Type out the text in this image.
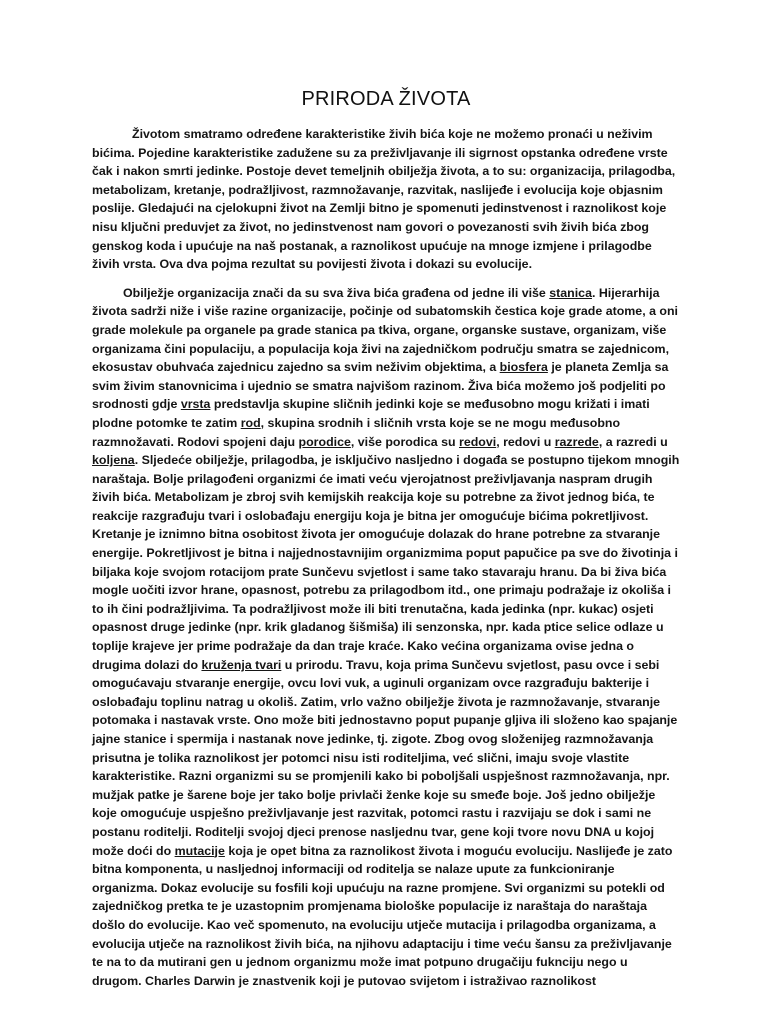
PRIRODA ŽIVOTA

Životom smatramo određene karakteristike živih bića koje ne možemo pronaći u neživim bićima. Pojedine karakteristike zadužene su za preživljavanje ili sigrnost opstanka određene vrste čak i nakon smrti jedinke. Postoje devet temeljnih obilježja života, a to su: organizacija, prilagodba, metabolizam, kretanje, podražljivost, razmnožavanje, razvitak, naslijeđe i evolucija koje objasnim poslije. Gledajući na cjelokupni život na Zemlji bitno je spomenuti jedinstvenost i raznolikost koje nisu ključni preduvjet za život, no jedinstvenost nam govori o povezanosti svih živih bića zbog genskog koda i upućuje na naš postanak, a raznolikost upućuje na mnoge izmjene i prilagodbe živih vrsta. Ova dva pojma rezultat su povijesti života i dokazi su evolucije.

Obilježje organizacija znači da su sva živa bića građena od jedne ili više stanica. Hijerarhija života sadrži niže i više razine organizacije, počinje od subatomskih čestica koje grade atome, a oni grade molekule pa organele pa grade stanica pa tkiva, organe, organske sustave, organizam, više organizama čini populaciju, a populacija koja živi na zajedničkom području smatra se zajednicom, ekosustav obuhvaća zajednicu zajedno sa svim neživim objektima, a biosfera je planeta Zemlja sa svim živim stanovnicima i ujednio se smatra najvišom razinom. Živa bića možemo još podjeliti po srodnosti gdje vrsta predstavlja skupine sličnih jedinki koje se međusobno mogu križati i imati plodne potomke te zatim rod, skupina srodnih i sličnih vrsta koje se ne mogu međusobno razmnožavati. Rodovi spojeni daju porodice, više porodica su redovi, redovi u razrede, a razredi u koljena. Sljedeće obilježje, prilagodba, je isključivo nasljedno i događa se postupno tijekom mnogih naraštaja. Bolje prilagođeni organizmi će imati veću vjerojatnost preživljavanja naspram drugih živih bića. Metabolizam je zbroj svih kemijskih reakcija koje su potrebne za život jednog bića, te reakcije razgrađuju tvari i oslobađaju energiju koja je bitna jer omogućuje bićima pokretljivost. Kretanje je iznimno bitna osobitost života jer omogućuje dolazak do hrane potrebne za stvaranje energije. Pokretljivost je bitna i najjednostavnijim organizmima poput papučice pa sve do životinja i biljaka koje svojom rotacijom prate Sunčevu svjetlost i same tako stavaraju hranu. Da bi živa bića mogle uočiti izvor hrane, opasnost, potrebu za prilagodbom itd., one primaju podražaje iz okoliša i to ih čini podražljivima. Ta podražljivost može ili biti trenutačna, kada jedinka (npr. kukac) osjeti opasnost druge jedinke (npr. krik gladanog šišmiša) ili senzonska, npr. kada ptice selice odlaze u toplije krajeve jer prime podražaje da dan traje kraće. Kako većina organizama ovise jedna o drugima dolazi do kruženja tvari u prirodu. Travu, koja prima Sunčevu svjetlost, pasu ovce i sebi omogućavaju stvaranje energije, ovcu lovi vuk, a uginuli organizam ovce razgrađuju bakterije i oslobađaju toplinu natrag u okoliš. Zatim, vrlo važno obilježje života je razmnožavanje, stvaranje potomaka i nastavak vrste. Ono može biti jednostavno poput pupanje gljiva ili složeno kao spajanje jajne stanice i spermija i nastanak nove jedinke, tj. zigote. Zbog ovog složenijeg razmnožavanja prisutna je tolika raznolikost jer potomci nisu isti roditeljima, već slični, imaju svoje vlastite karakteristike. Razni organizmi su se promjenili kako bi poboljšali uspješnost razmnožavanja, npr. mužjak patke je šarene boje jer tako bolje privlači ženke koje su smeđe boje. Još jedno obilježje koje omogućuje uspješno preživljavanje jest razvitak, potomci rastu i razvijaju se dok i sami ne postanu roditelji. Roditelji svojoj djeci prenose nasljednu tvar, gene koji tvore novu DNA u kojoj može doći do mutacije koja je opet bitna za raznolikost života i moguću evoluciju. Naslijeđe je zato bitna komponenta, u nasljednoj informaciji od roditelja se nalaze upute za funkcioniranje organizma. Dokaz evolucije su fosfili koji upućuju na razne promjene. Svi organizmi su potekli od zajedničkog pretka te je uzastopnim promjenama biološke populacije iz naraštaja do naraštaja došlo do evolucije. Kao več spomenuto, na evoluciju utječe mutacija i prilagodba organizama, a evolucija utječe na raznolikost živih bića, na njihovu adaptaciju i time veću šansu za preživljavanje te na to da mutirani gen u jednom organizmu može imat potpuno drugačiju fukncĳu nego u drugom. Charles Darwin je znastvenik koji je putovao svijetom i istraživao raznolikost
